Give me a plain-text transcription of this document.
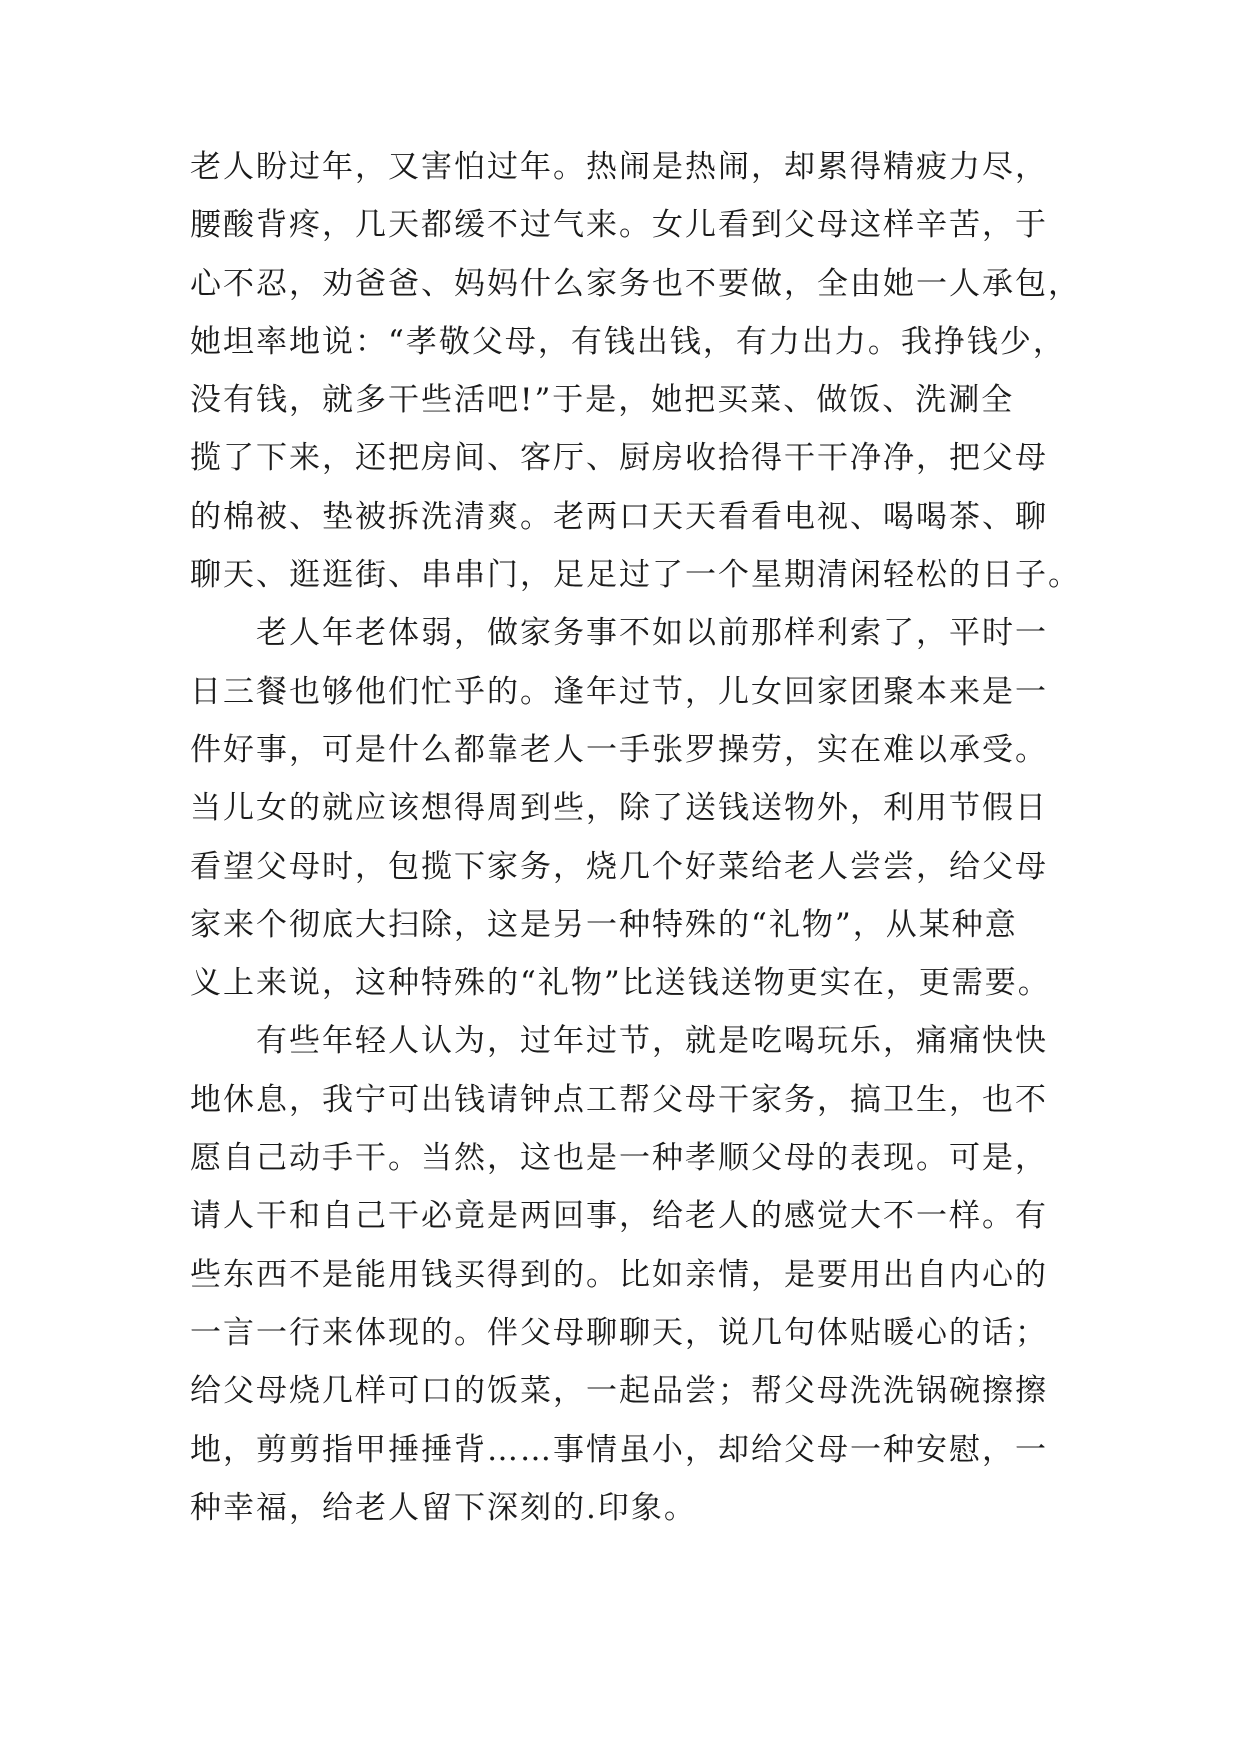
老人盼过年，又害怕过年。热闹是热闹，却累得精疲力尽，
腰酸背疼，几天都缓不过气来。女儿看到父母这样辛苦，于
心不忍，劝爸爸、妈妈什么家务也不要做，全由她一人承包，
她坦率地说：“孝敬父母，有钱出钱，有力出力。我挣钱少，
没有钱，就多干些活吧!”于是，她把买菜、做饭、洗涮全
揽了下来，还把房间、客厅、厨房收拾得干干净净，把父母
的棉被、垫被拆洗清爽。老两口天天看看电视、喝喝茶、聊
聊天、逛逛街、串串门，足足过了一个星期清闲轻松的日子。
老人年老体弱，做家务事不如以前那样利索了，平时一
日三餐也够他们忙乎的。逢年过节，儿女回家团聚本来是一
件好事，可是什么都靠老人一手张罗操劳，实在难以承受。
当儿女的就应该想得周到些，除了送钱送物外，利用节假日
看望父母时，包揽下家务，烧几个好菜给老人尝尝，给父母
家来个彻底大扫除，这是另一种特殊的“礼物”，从某种意
义上来说，这种特殊的“礼物”比送钱送物更实在，更需要。
有些年轻人认为，过年过节，就是吃喝玩乐，痛痛快快
地休息，我宁可出钱请钟点工帮父母干家务，搞卫生，也不
愿自己动手干。当然，这也是一种孝顺父母的表现。可是，
请人干和自己干必竟是两回事，给老人的感觉大不一样。有
些东西不是能用钱买得到的。比如亲情，是要用出自内心的
一言一行来体现的。伴父母聊聊天，说几句体贴暖心的话；
给父母烧几样可口的饭菜，一起品尝；帮父母洗洗锅碗擦擦
地，剪剪指甲捶捶背……事情虽小，却给父母一种安慰，一
种幸福，给老人留下深刻的.印象。
